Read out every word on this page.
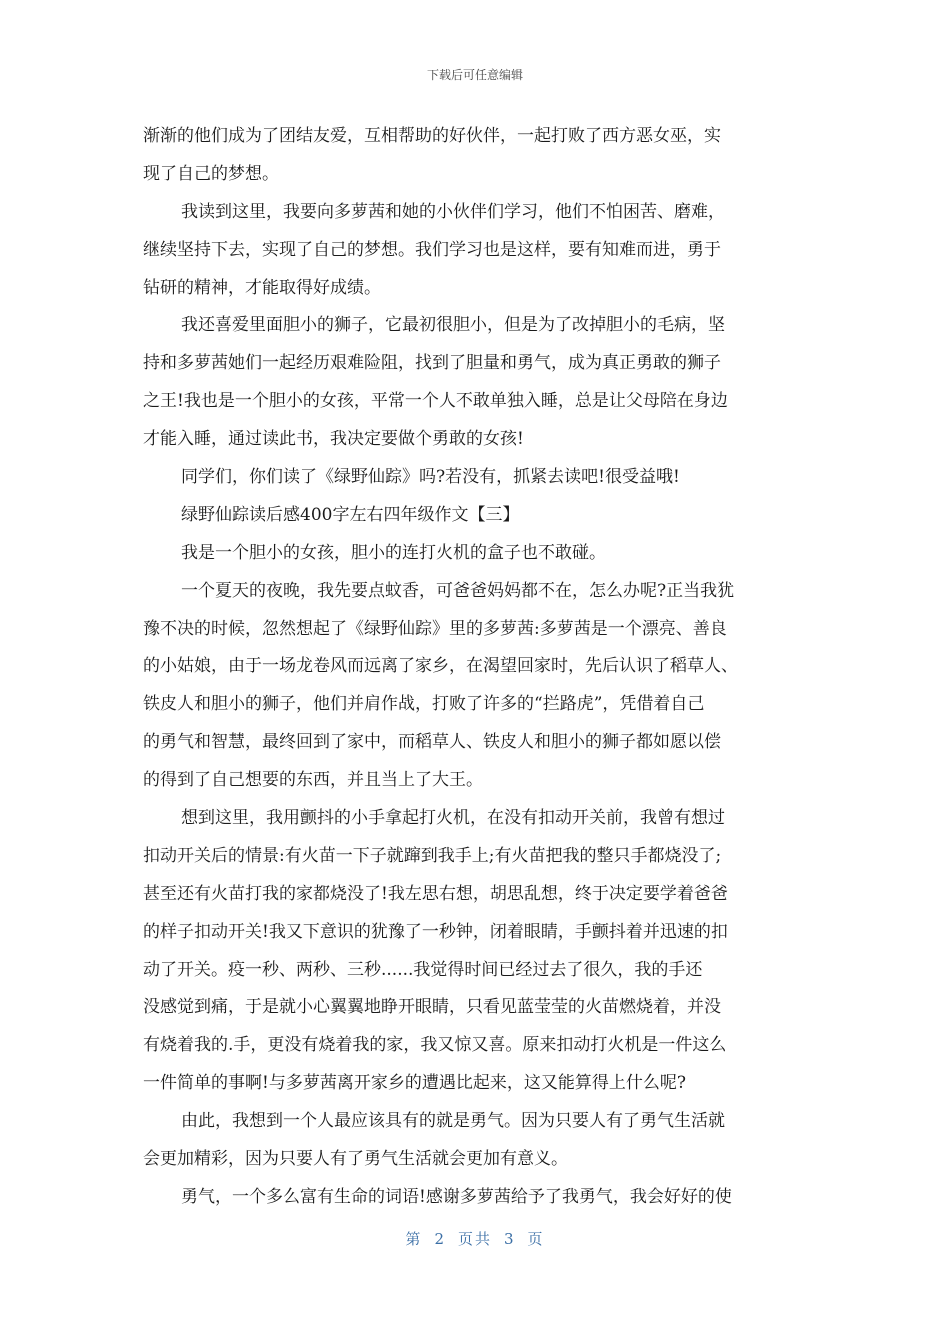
下载后可任意编辑
渐渐的他们成为了团结友爱，互相帮助的好伙伴，一起打败了西方恶女巫，实
现了自己的梦想。
我读到这里，我要向多萝茜和她的小伙伴们学习，他们不怕困苦、磨难，
继续坚持下去，实现了自己的梦想。我们学习也是这样，要有知难而进，勇于
钻研的精神，才能取得好成绩。
我还喜爱里面胆小的狮子，它最初很胆小，但是为了改掉胆小的毛病，坚
持和多萝茜她们一起经历艰难险阻，找到了胆量和勇气，成为真正勇敢的狮子
之王!我也是一个胆小的女孩，平常一个人不敢单独入睡，总是让父母陪在身边
才能入睡，通过读此书，我决定要做个勇敢的女孩!
同学们，你们读了《绿野仙踪》吗?若没有，抓紧去读吧!很受益哦!
绿野仙踪读后感400字左右四年级作文【三】
我是一个胆小的女孩，胆小的连打火机的盒子也不敢碰。
一个夏天的夜晚，我先要点蚊香，可爸爸妈妈都不在，怎么办呢?正当我犹
豫不决的时候，忽然想起了《绿野仙踪》里的多萝茜:多萝茜是一个漂亮、善良
的小姑娘，由于一场龙卷风而远离了家乡，在渴望回家时，先后认识了稻草人、
铁皮人和胆小的狮子，他们并肩作战，打败了许多的“拦路虎”，凭借着自己
的勇气和智慧，最终回到了家中，而稻草人、铁皮人和胆小的狮子都如愿以偿
的得到了自己想要的东西，并且当上了大王。
想到这里，我用颤抖的小手拿起打火机，在没有扣动开关前，我曾有想过
扣动开关后的情景:有火苗一下子就蹿到我手上;有火苗把我的整只手都烧没了;
甚至还有火苗打我的家都烧没了!我左思右想，胡思乱想，终于决定要学着爸爸
的样子扣动开关!我又下意识的犹豫了一秒钟，闭着眼睛，手颤抖着并迅速的扣
动了开关。疫一秒、两秒、三秒......我觉得时间已经过去了很久，我的手还
没感觉到痛，于是就小心翼翼地睁开眼睛，只看见蓝莹莹的火苗燃烧着，并没
有烧着我的.手，更没有烧着我的家，我又惊又喜。原来扣动打火机是一件这么
一件简单的事啊!与多萝茜离开家乡的遭遇比起来，这又能算得上什么呢?
由此，我想到一个人最应该具有的就是勇气。因为只要人有了勇气生活就
会更加精彩，因为只要人有了勇气生活就会更加有意义。
勇气，一个多么富有生命的词语!感谢多萝茜给予了我勇气，我会好好的使
第 2 页共 3 页
